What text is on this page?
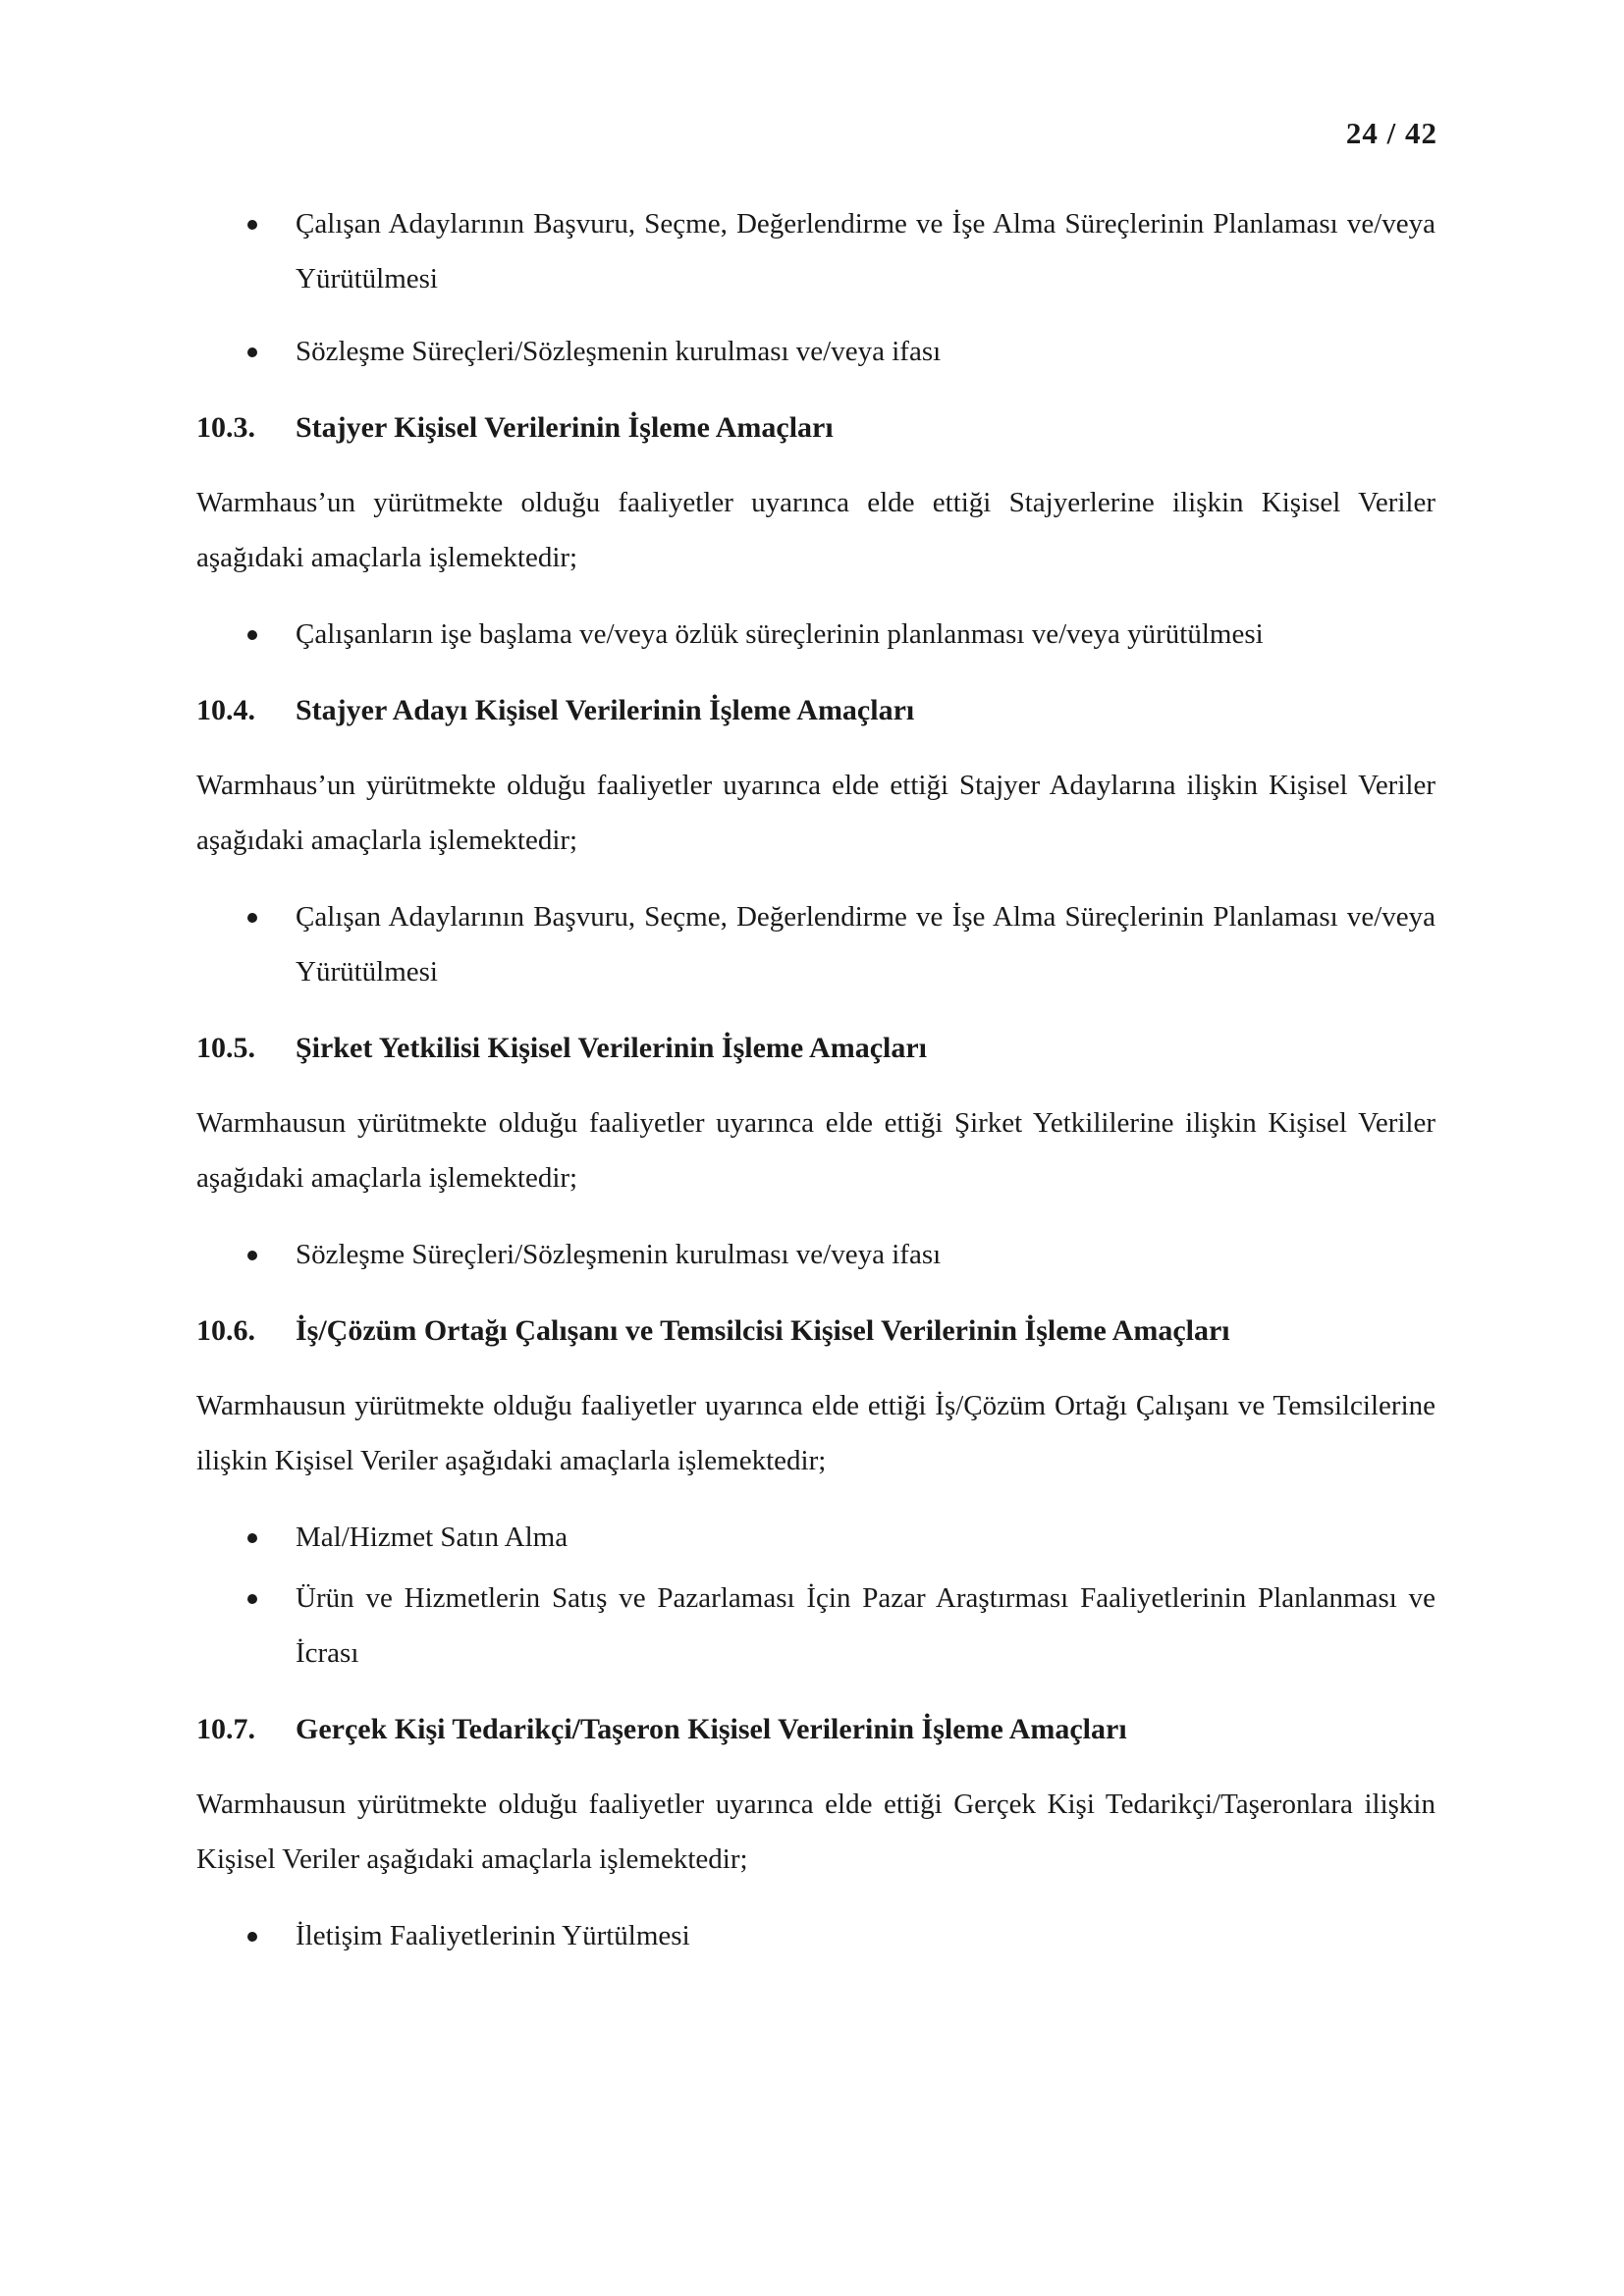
24 / 42
Çalışan Adaylarının Başvuru, Seçme, Değerlendirme ve İşe Alma Süreçlerinin Planlaması ve/veya Yürütülmesi
Sözleşme Süreçleri/Sözleşmenin kurulması ve/veya ifası
10.3.	Stajyer Kişisel Verilerinin İşleme Amaçları

Warmhaus’un yürütmekte olduğu faaliyetler uyarınca elde ettiği Stajyerlerine ilişkin Kişisel Veriler aşağıdaki amaçlarla işlemektedir;

Çalışanların işe başlama ve/veya özlük süreçlerinin planlanması ve/veya yürütülmesi
10.4.	Stajyer Adayı Kişisel Verilerinin İşleme Amaçları

Warmhaus’un yürütmekte olduğu faaliyetler uyarınca elde ettiği Stajyer Adaylarına ilişkin Kişisel Veriler aşağıdaki amaçlarla işlemektedir;

Çalışan Adaylarının Başvuru, Seçme, Değerlendirme ve İşe Alma Süreçlerinin Planlaması ve/veya Yürütülmesi
10.5.	Şirket Yetkilisi Kişisel Verilerinin İşleme Amaçları

Warmhausun yürütmekte olduğu faaliyetler uyarınca elde ettiği Şirket Yetkililerine ilişkin Kişisel Veriler aşağıdaki amaçlarla işlemektedir;

Sözleşme Süreçleri/Sözleşmenin kurulması ve/veya ifası
10.6.	İş/Çözüm Ortağı Çalışanı ve Temsilcisi Kişisel Verilerinin İşleme Amaçları

Warmhausun yürütmekte olduğu faaliyetler uyarınca elde ettiği İş/Çözüm Ortağı Çalışanı ve Temsilcilerine ilişkin Kişisel Veriler aşağıdaki amaçlarla işlemektedir;

Mal/Hizmet Satın Alma
Ürün ve Hizmetlerin Satış ve Pazarlaması İçin Pazar Araştırması Faaliyetlerinin Planlanması ve İcrası
10.7.	Gerçek Kişi Tedarikçi/Taşeron Kişisel Verilerinin İşleme Amaçları

Warmhausun yürütmekte olduğu faaliyetler uyarınca elde ettiği Gerçek Kişi Tedarikçi/Taşeronlara ilişkin Kişisel Veriler aşağıdaki amaçlarla işlemektedir;

İletişim Faaliyetlerinin Yürtülmesi
